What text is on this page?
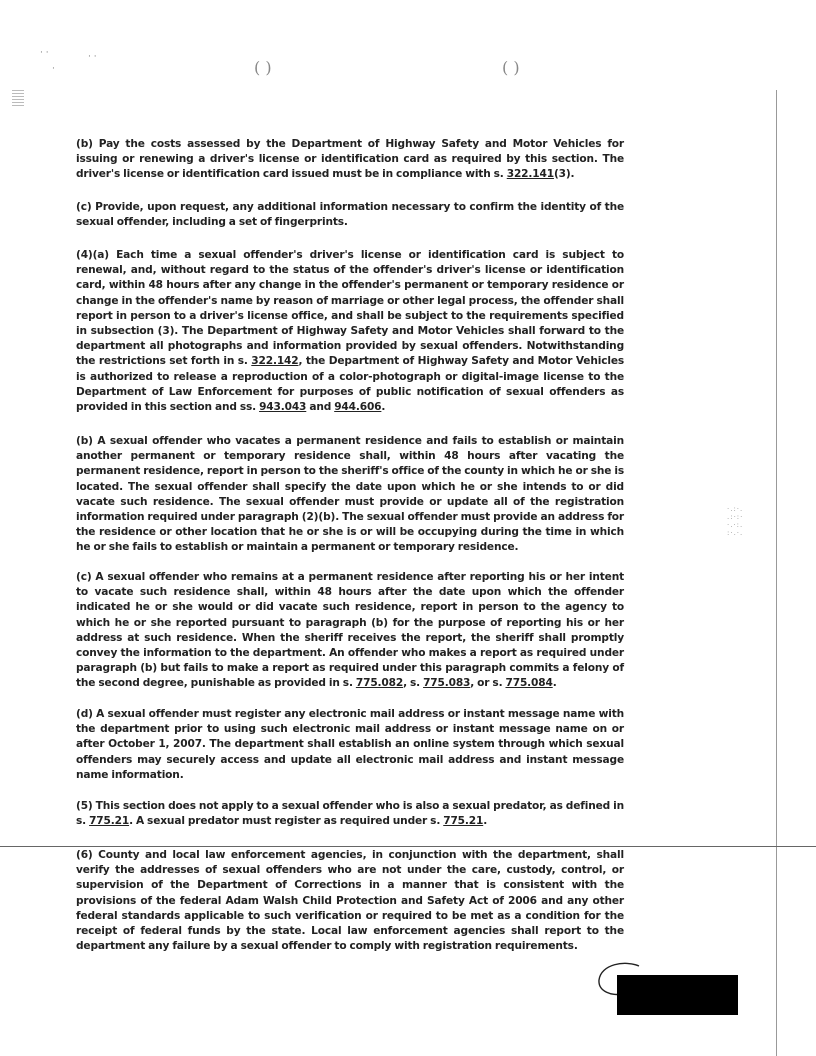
· ·	· ·
·	( )	( )
·.:·.
.:·:·
·.·:.
:·.·.
(b) Pay the costs assessed by the Department of Highway Safety and Motor Vehicles for issuing or renewing a driver's license or identification card as required by this section. The driver's license or identification card issued must be in compliance with s. 322.141(3).
(c) Provide, upon request, any additional information necessary to confirm the identity of the sexual offender, including a set of fingerprints.
(4)(a) Each time a sexual offender's driver's license or identification card is subject to renewal, and, without regard to the status of the offender's driver's license or identification card, within 48 hours after any change in the offender's permanent or temporary residence or change in the offender's name by reason of marriage or other legal process, the offender shall report in person to a driver's license office, and shall be subject to the requirements specified in subsection (3). The Department of Highway Safety and Motor Vehicles shall forward to the department all photographs and information provided by sexual offenders. Notwithstanding the restrictions set forth in s. 322.142, the Department of Highway Safety and Motor Vehicles is authorized to release a reproduction of a color-photograph or digital-image license to the Department of Law Enforcement for purposes of public notification of sexual offenders as provided in this section and ss. 943.043 and 944.606.
(b) A sexual offender who vacates a permanent residence and fails to establish or maintain another permanent or temporary residence shall, within 48 hours after vacating the permanent residence, report in person to the sheriff's office of the county in which he or she is located. The sexual offender shall specify the date upon which he or she intends to or did vacate such residence. The sexual offender must provide or update all of the registration information required under paragraph (2)(b). The sexual offender must provide an address for the residence or other location that he or she is or will be occupying during the time in which he or she fails to establish or maintain a permanent or temporary residence.
(c) A sexual offender who remains at a permanent residence after reporting his or her intent to vacate such residence shall, within 48 hours after the date upon which the offender indicated he or she would or did vacate such residence, report in person to the agency to which he or she reported pursuant to paragraph (b) for the purpose of reporting his or her address at such residence. When the sheriff receives the report, the sheriff shall promptly convey the information to the department. An offender who makes a report as required under paragraph (b) but fails to make a report as required under this paragraph commits a felony of the second degree, punishable as provided in s. 775.082, s. 775.083, or s. 775.084.
(d) A sexual offender must register any electronic mail address or instant message name with the department prior to using such electronic mail address or instant message name on or after October 1, 2007. The department shall establish an online system through which sexual offenders may securely access and update all electronic mail address and instant message name information.
(5) This section does not apply to a sexual offender who is also a sexual predator, as defined in s. 775.21. A sexual predator must register as required under s. 775.21.
(6) County and local law enforcement agencies, in conjunction with the department, shall verify the addresses of sexual offenders who are not under the care, custody, control, or supervision of the Department of Corrections in a manner that is consistent with the provisions of the federal Adam Walsh Child Protection and Safety Act of 2006 and any other federal standards applicable to such verification or required to be met as a condition for the receipt of federal funds by the state. Local law enforcement agencies shall report to the department any failure by a sexual offender to comply with registration requirements.
